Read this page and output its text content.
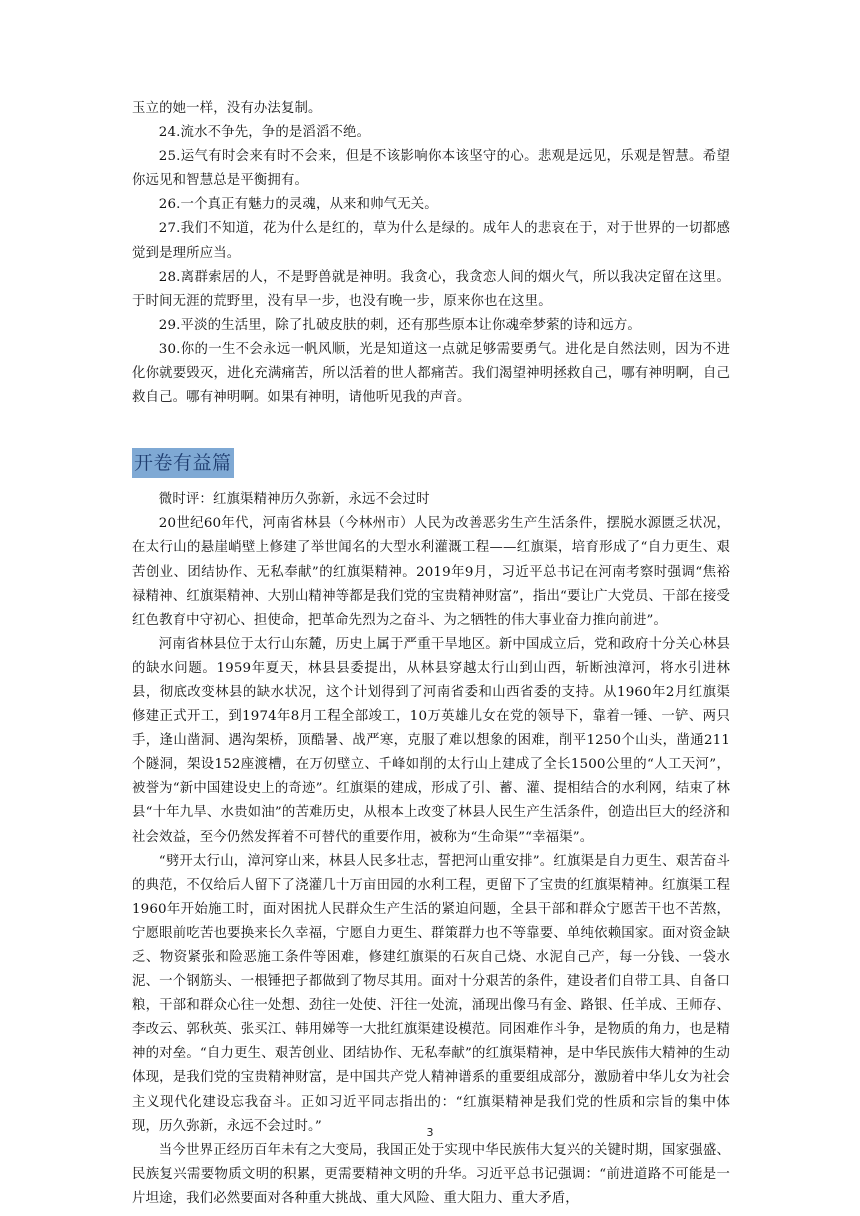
玉立的她一样，没有办法复制。

24.流水不争先，争的是滔滔不绝。

25.运气有时会来有时不会来，但是不该影响你本该坚守的心。悲观是远见，乐观是智慧。希望你远见和智慧总是平衡拥有。

26.一个真正有魅力的灵魂，从来和帅气无关。

27.我们不知道，花为什么是红的，草为什么是绿的。成年人的悲哀在于，对于世界的一切都感觉到是理所应当。

28.离群索居的人，不是野兽就是神明。我贪心，我贪恋人间的烟火气，所以我决定留在这里。于时间无涯的荒野里，没有早一步，也没有晚一步，原来你也在这里。

29.平淡的生活里，除了扎破皮肤的刺，还有那些原本让你魂牵梦萦的诗和远方。

30.你的一生不会永远一帆风顺，光是知道这一点就足够需要勇气。进化是自然法则，因为不进化你就要毁灭，进化充满痛苦，所以活着的世人都痛苦。我们渴望神明拯救自己，哪有神明啊，自己救自己。哪有神明啊。如果有神明，请他听见我的声音。

开卷有益篇

微时评：红旗渠精神历久弥新，永远不会过时

20世纪60年代，河南省林县（今林州市）人民为改善恶劣生产生活条件，摆脱水源匮乏状况，在太行山的悬崖峭壁上修建了举世闻名的大型水利灌溉工程——红旗渠，培育形成了“自力更生、艰苦创业、团结协作、无私奉献”的红旗渠精神。2019年9月，习近平总书记在河南考察时强调“焦裕禄精神、红旗渠精神、大别山精神等都是我们党的宝贵精神财富”，指出“要让广大党员、干部在接受红色教育中守初心、担使命，把革命先烈为之奋斗、为之牺牲的伟大事业奋力推向前进”。

河南省林县位于太行山东麓，历史上属于严重干旱地区。新中国成立后，党和政府十分关心林县的缺水问题。1959年夏天，林县县委提出，从林县穿越太行山到山西，斩断浊漳河，将水引进林县，彻底改变林县的缺水状况，这个计划得到了河南省委和山西省委的支持。从1960年2月红旗渠修建正式开工，到1974年8月工程全部竣工，10万英雄儿女在党的领导下，靠着一锤、一铲、两只手，逢山凿洞、遇沟架桥，顶酷暑、战严寒，克服了难以想象的困难，削平1250个山头，凿通211个隧洞，架设152座渡槽，在万仞壁立、千峰如削的太行山上建成了全长1500公里的“人工天河”，被誉为“新中国建设史上的奇迹”。红旗渠的建成，形成了引、蓄、灌、提相结合的水利网，结束了林县“十年九旱、水贵如油”的苦难历史，从根本上改变了林县人民生产生活条件，创造出巨大的经济和社会效益，至今仍然发挥着不可替代的重要作用，被称为“生命渠”“幸福渠”。

“劈开太行山，漳河穿山来，林县人民多壮志，誓把河山重安排”。红旗渠是自力更生、艰苦奋斗的典范，不仅给后人留下了浇灌几十万亩田园的水利工程，更留下了宝贵的红旗渠精神。红旗渠工程1960年开始施工时，面对困扰人民群众生产生活的紧迫问题，全县干部和群众宁愿苦干也不苦熬，宁愿眼前吃苦也要换来长久幸福，宁愿自力更生、群策群力也不等靠要、单纯依赖国家。面对资金缺乏、物资紧张和险恶施工条件等困难，修建红旗渠的石灰自己烧、水泥自己产，每一分钱、一袋水泥、一个钢筋头、一根锤把子都做到了物尽其用。面对十分艰苦的条件，建设者们自带工具、自备口粮，干部和群众心往一处想、劲往一处使、汗往一处流，涌现出像马有金、路银、任羊成、王师存、李改云、郭秋英、张买江、韩用娣等一大批红旗渠建设模范。同困难作斗争，是物质的角力，也是精神的对垒。“自力更生、艰苦创业、团结协作、无私奉献”的红旗渠精神，是中华民族伟大精神的生动体现，是我们党的宝贵精神财富，是中国共产党人精神谱系的重要组成部分，激励着中华儿女为社会主义现代化建设忘我奋斗。正如习近平同志指出的：“红旗渠精神是我们党的性质和宗旨的集中体现，历久弥新，永远不会过时。”

当今世界正经历百年未有之大变局，我国正处于实现中华民族伟大复兴的关键时期，国家强盛、民族复兴需要物质文明的积累，更需要精神文明的升华。习近平总书记强调：“前进道路不可能是一片坦途，我们必然要面对各种重大挑战、重大风险、重大阻力、重大矛盾，

3
